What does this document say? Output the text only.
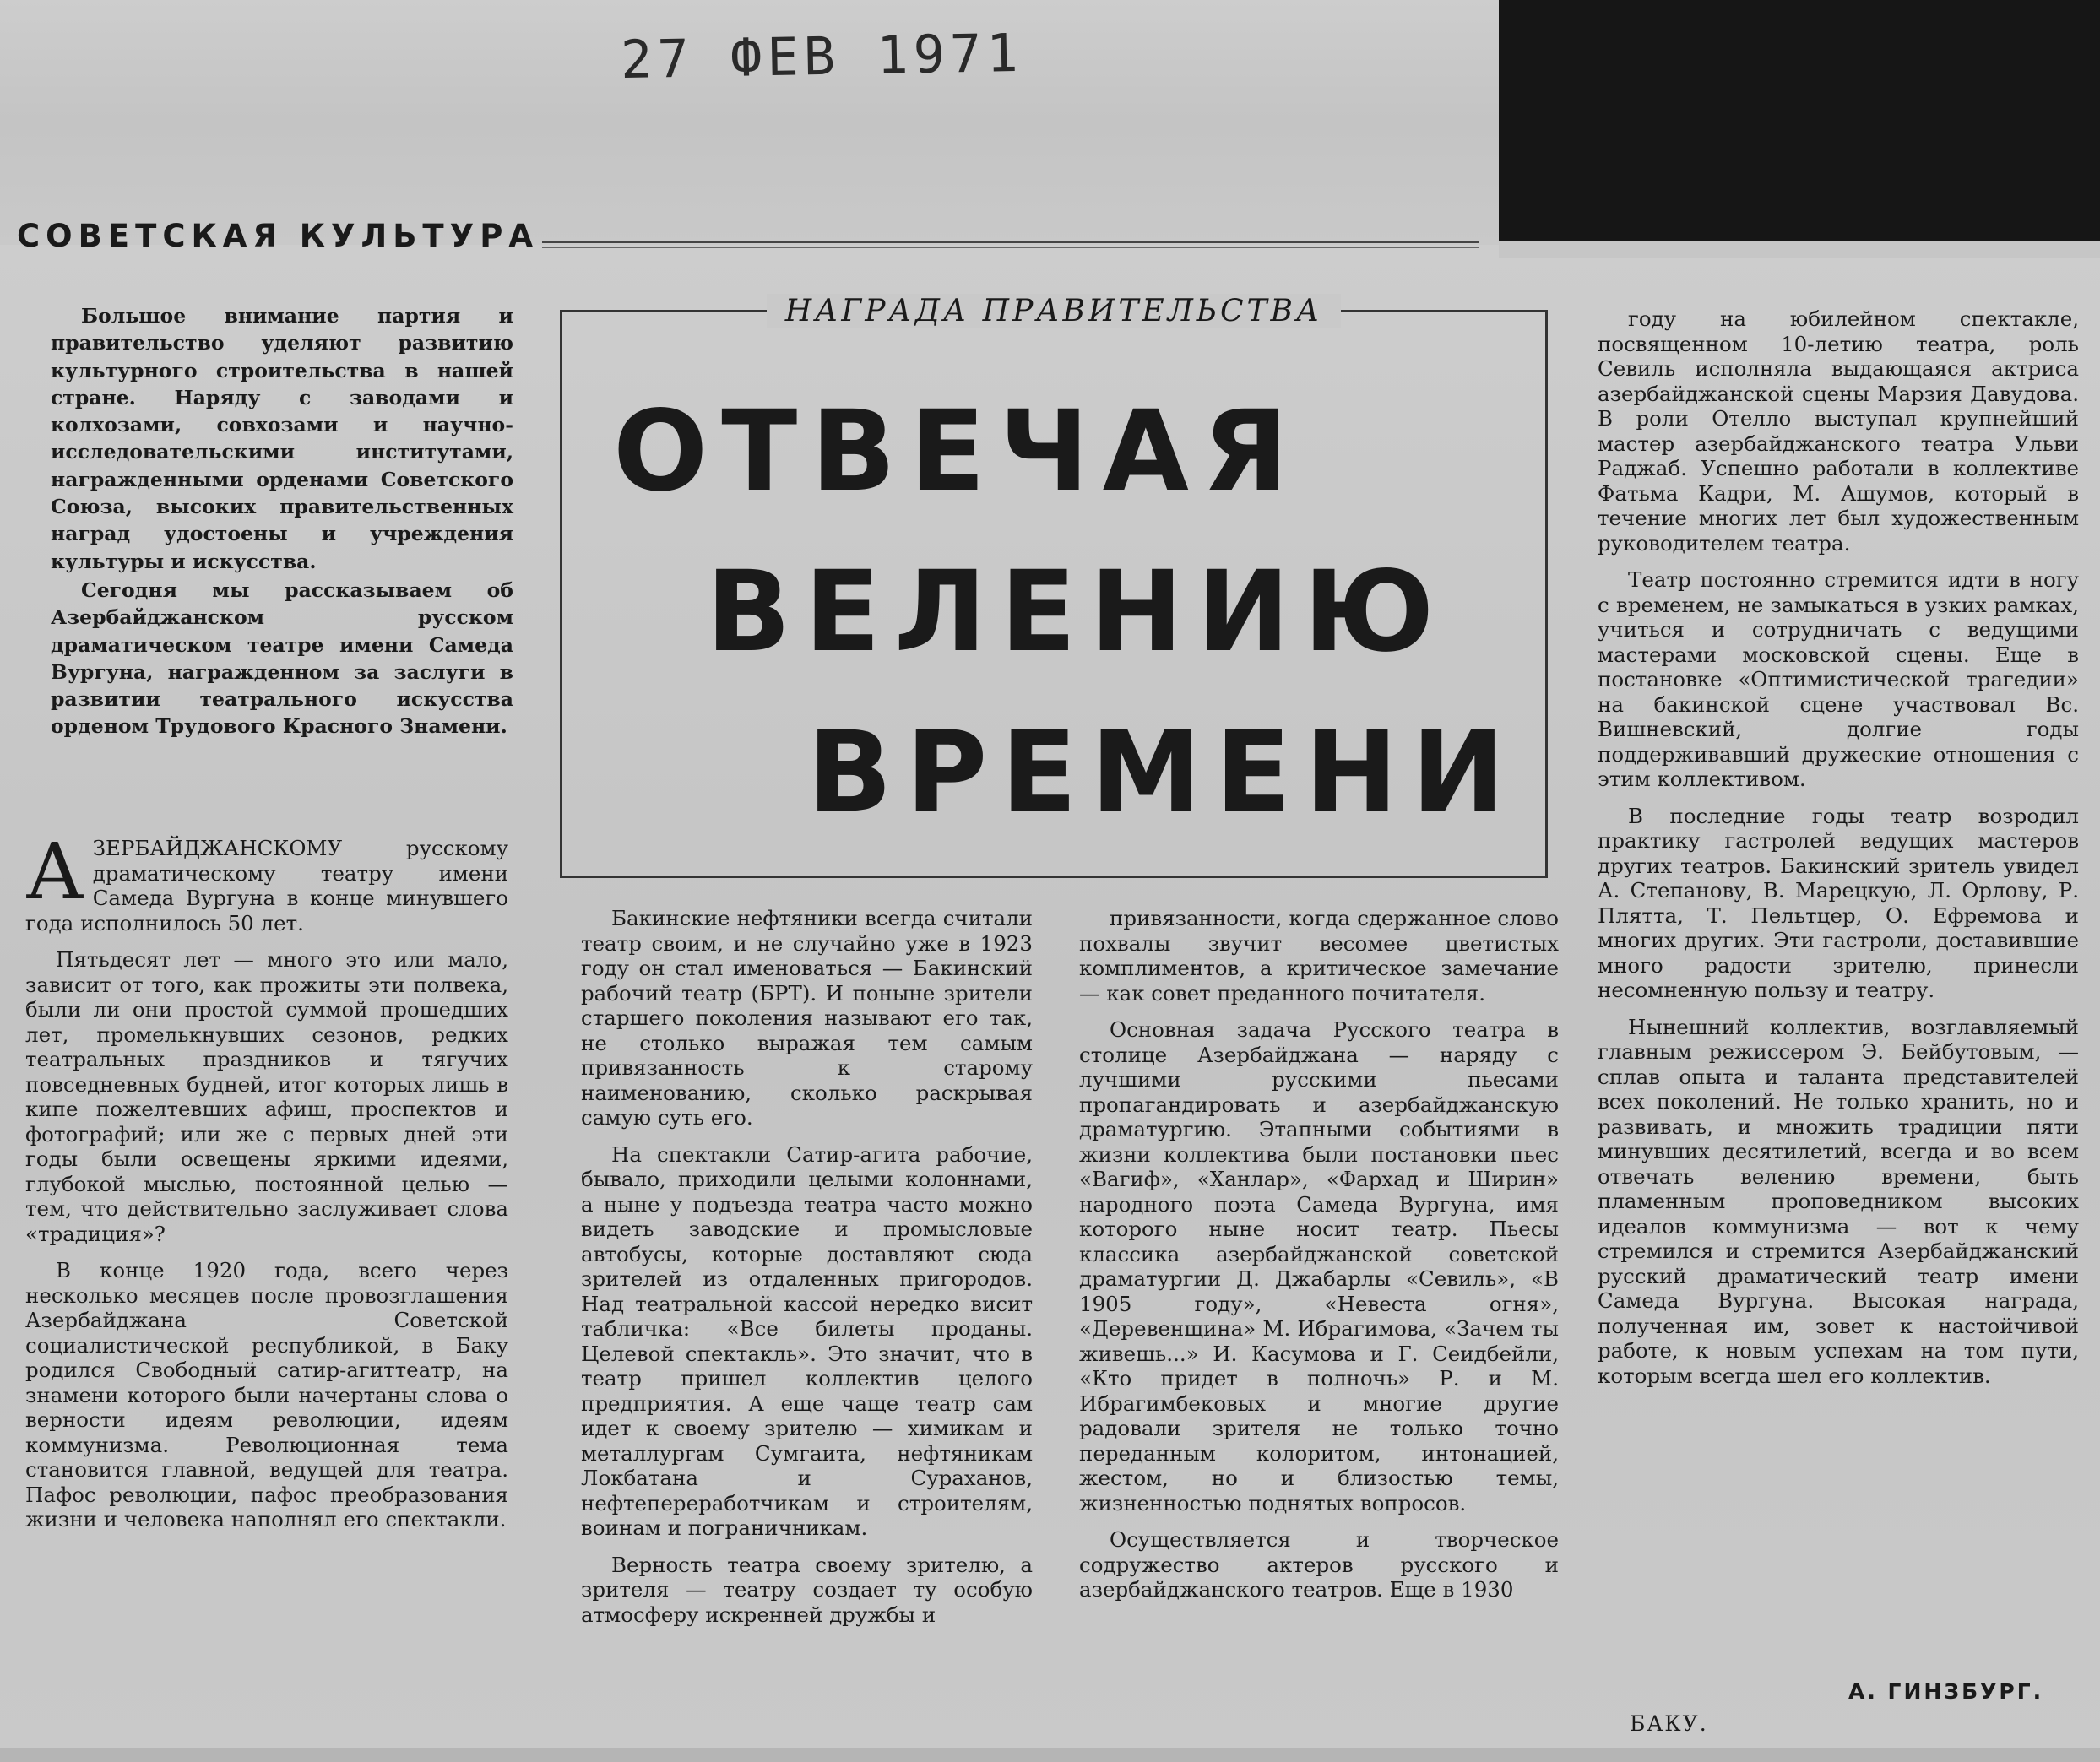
27 ФЕВ 1971
СОВЕТСКАЯ КУЛЬТУРА

Большое внимание партия и правительство уделяют развитию культурного строительства в нашей стране. Наряду с заводами и колхозами, совхозами и научно-исследовательскими институтами, награжденными орденами Советского Союза, высоких правительственных наград удостоены и учреждения культуры и искусства.

Сегодня мы рассказываем об Азербайджанском русском драматическом театре имени Самеда Вургуна, награжденном за заслуги в развитии театрального искусства орденом Трудового Красного Знамени.

НАГРАДА ПРАВИТЕЛЬСТВА
ОТВЕЧАЯ
ВЕЛЕНИЮ
ВРЕМЕНИ

АЗЕРБАЙДЖАНСКОМУ русскому драматическому театру имени Самеда Вургуна в конце минувшего года исполнилось 50 лет.

Пятьдесят лет — много это или мало, зависит от того, как прожиты эти полвека, были ли они простой суммой прошедших лет, промелькнувших сезонов, редких театральных праздников и тягучих повседневных будней, итог которых лишь в кипе пожелтевших афиш, проспектов и фотографий; или же с первых дней эти годы были освещены яркими идеями, глубокой мыслью, постоянной целью — тем, что действительно заслуживает слова «традиция»?

В конце 1920 года, всего через несколько месяцев после провозглашения Азербайджана Советской социалистической республикой, в Баку родился Свободный сатир-агиттеатр, на знамени которого были начертаны слова о верности идеям революции, идеям коммунизма. Революционная тема становится главной, ведущей для театра. Пафос революции, пафос преобразования жизни и человека наполнял его спектакли.

Бакинские нефтяники всегда считали театр своим, и не случайно уже в 1923 году он стал именоваться — Бакинский рабочий театр (БРТ). И поныне зрители старшего поколения называют его так, не столько выражая тем самым привязанность к старому наименованию, сколько раскрывая самую суть его.

На спектакли Сатир-агита рабочие, бывало, приходили целыми колоннами, а ныне у подъезда театра часто можно видеть заводские и промысловые автобусы, которые доставляют сюда зрителей из отдаленных пригородов. Над театральной кассой нередко висит табличка: «Все билеты проданы. Целевой спектакль». Это значит, что в театр пришел коллектив целого предприятия. А еще чаще театр сам идет к своему зрителю — химикам и металлургам Сумгаита, нефтяникам Локбатана и Сураханов, нефтепереработчикам и строителям, воинам и пограничникам.

Верность театра своему зрителю, а зрителя — театру создает ту особую атмосферу искренней дружбы и

привязанности, когда сдержанное слово похвалы звучит весомее цветистых комплиментов, а критическое замечание — как совет преданного почитателя.

Основная задача Русского театра в столице Азербайджана — наряду с лучшими русскими пьесами пропагандировать и азербайджанскую драматургию. Этапными событиями в жизни коллектива были постановки пьес «Вагиф», «Ханлар», «Фархад и Ширин» народного поэта Самеда Вургуна, имя которого ныне носит театр. Пьесы классика азербайджанской советской драматургии Д. Джабарлы «Севиль», «В 1905 году», «Невеста огня», «Деревенщина» М. Ибрагимова, «Зачем ты живешь...» И. Касумова и Г. Сеидбейли, «Кто придет в полночь» Р. и М. Ибрагимбековых и многие другие радовали зрителя не только точно переданным колоритом, интонацией, жестом, но и близостью темы, жизненностью поднятых вопросов.

Осуществляется и творческое содружество актеров русского и азербайджанского театров. Еще в 1930

году на юбилейном спектакле, посвященном 10-летию театра, роль Севиль исполняла выдающаяся актриса азербайджанской сцены Марзия Давудова. В роли Отелло выступал крупнейший мастер азербайджанского театра Ульви Раджаб. Успешно работали в коллективе Фатьма Кадри, М. Ашумов, который в течение многих лет был художественным руководителем театра.

Театр постоянно стремится идти в ногу с временем, не замыкаться в узких рамках, учиться и сотрудничать с ведущими мастерами московской сцены. Еще в постановке «Оптимистической трагедии» на бакинской сцене участвовал Вс. Вишневский, долгие годы поддерживавший дружеские отношения с этим коллективом.

В последние годы театр возродил практику гастролей ведущих мастеров других театров. Бакинский зритель увидел А. Степанову, В. Марецкую, Л. Орлову, Р. Плятта, Т. Пельтцер, О. Ефремова и многих других. Эти гастроли, доставившие много радости зрителю, принесли несомненную пользу и театру.

Нынешний коллектив, возглавляемый главным режиссером Э. Бейбутовым, — сплав опыта и таланта представителей всех поколений. Не только хранить, но и развивать, и множить традиции пяти минувших десятилетий, всегда и во всем отвечать велению времени, быть пламенным проповедником высоких идеалов коммунизма — вот к чему стремился и стремится Азербайджанский русский драматический театр имени Самеда Вургуна. Высокая награда, полученная им, зовет к настойчивой работе, к новым успехам на том пути, которым всегда шел его коллектив.

А. ГИНЗБУРГ.
БАКУ.
